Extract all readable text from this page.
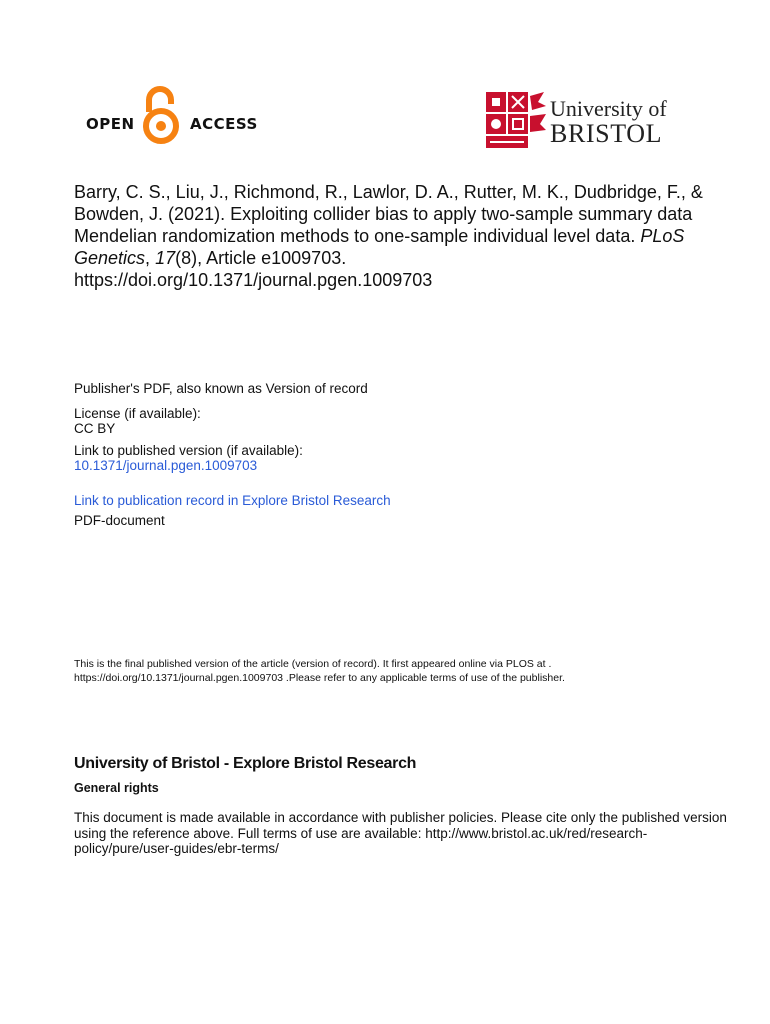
OPEN	ACCESS
University of
BRISTOL
Barry, C. S., Liu, J., Richmond, R., Lawlor, D. A., Rutter, M. K., Dudbridge, F., & Bowden, J. (2021). Exploiting collider bias to apply two-sample summary data Mendelian randomization methods to one-sample individual level data. PLoS Genetics, 17(8), Article e1009703.
https://doi.org/10.1371/journal.pgen.1009703
Publisher's PDF, also known as Version of record
License (if available):
CC BY
Link to published version (if available):
10.1371/journal.pgen.1009703
Link to publication record in Explore Bristol Research
PDF-document
This is the final published version of the article (version of record). It first appeared online via PLOS at .
https://doi.org/10.1371/journal.pgen.1009703 .Please refer to any applicable terms of use of the publisher.
University of Bristol - Explore Bristol Research
General rights
This document is made available in accordance with publisher policies. Please cite only the published version using the reference above. Full terms of use are available: http://www.bristol.ac.uk/red/research-policy/pure/user-guides/ebr-terms/
